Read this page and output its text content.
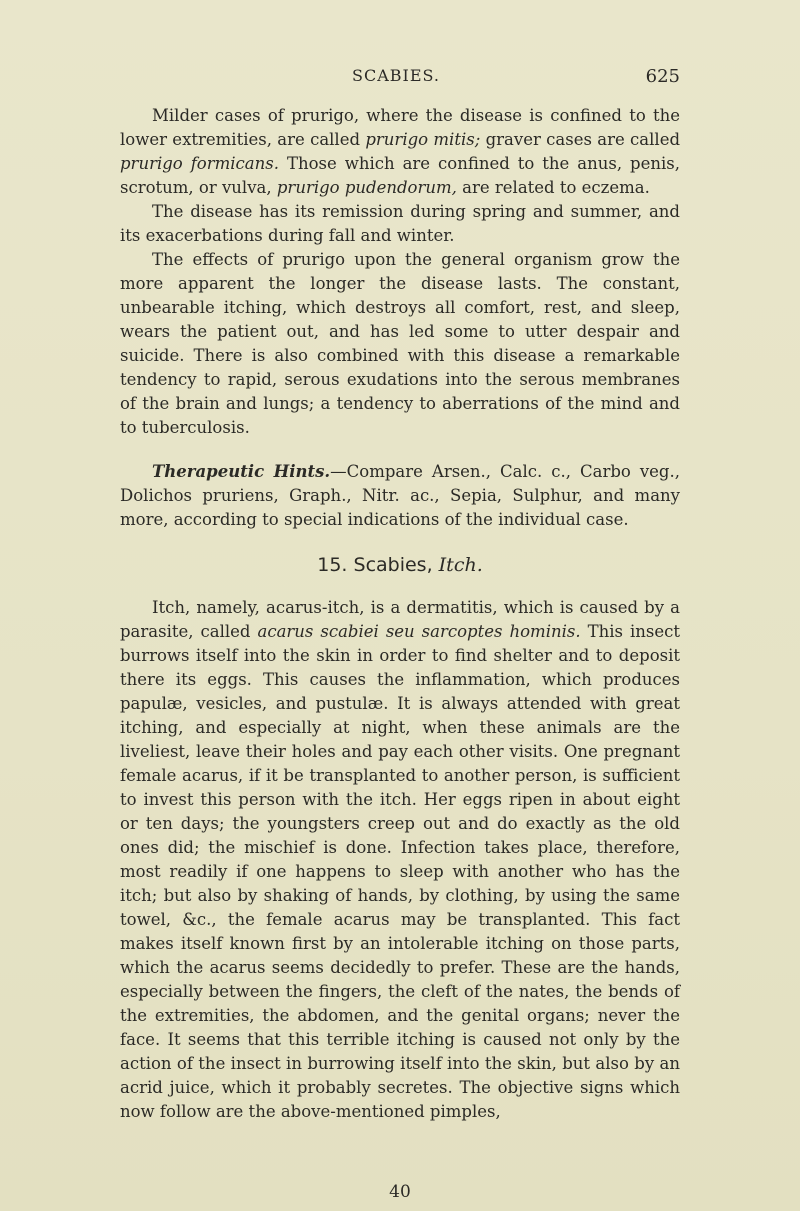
SCABIES.	625

Milder cases of prurigo, where the disease is confined to the lower extremities, are called prurigo mitis; graver cases are called prurigo formicans. Those which are confined to the anus, penis, scrotum, or vulva, prurigo pudendorum, are related to eczema.

The disease has its remission during spring and summer, and its exacerbations during fall and winter.

The effects of prurigo upon the general organism grow the more apparent the longer the disease lasts. The constant, unbearable itching, which destroys all comfort, rest, and sleep, wears the patient out, and has led some to utter despair and suicide. There is also combined with this disease a remarkable tendency to rapid, serous exudations into the serous membranes of the brain and lungs; a tendency to aberrations of the mind and to tuberculosis.

Therapeutic Hints.—Compare Arsen., Calc. c., Carbo veg., Dolichos pruriens, Graph., Nitr. ac., Sepia, Sulphur, and many more, according to special indications of the individual case.

15. Scabies, Itch.

Itch, namely, acarus-itch, is a dermatitis, which is caused by a parasite, called acarus scabiei seu sarcoptes hominis. This insect burrows itself into the skin in order to find shelter and to deposit there its eggs. This causes the inflammation, which produces papulæ, vesicles, and pustulæ. It is always attended with great itching, and especially at night, when these animals are the liveliest, leave their holes and pay each other visits. One pregnant female acarus, if it be transplanted to another person, is sufficient to invest this person with the itch. Her eggs ripen in about eight or ten days; the youngsters creep out and do exactly as the old ones did; the mischief is done. Infection takes place, therefore, most readily if one happens to sleep with another who has the itch; but also by shaking of hands, by clothing, by using the same towel, &c., the female acarus may be transplanted. This fact makes itself known first by an intolerable itching on those parts, which the acarus seems decidedly to prefer. These are the hands, especially between the fingers, the cleft of the nates, the bends of the extremities, the abdomen, and the genital organs; never the face. It seems that this terrible itching is caused not only by the action of the insect in burrowing itself into the skin, but also by an acrid juice, which it probably secretes. The objective signs which now follow are the above-mentioned pimples,

40
